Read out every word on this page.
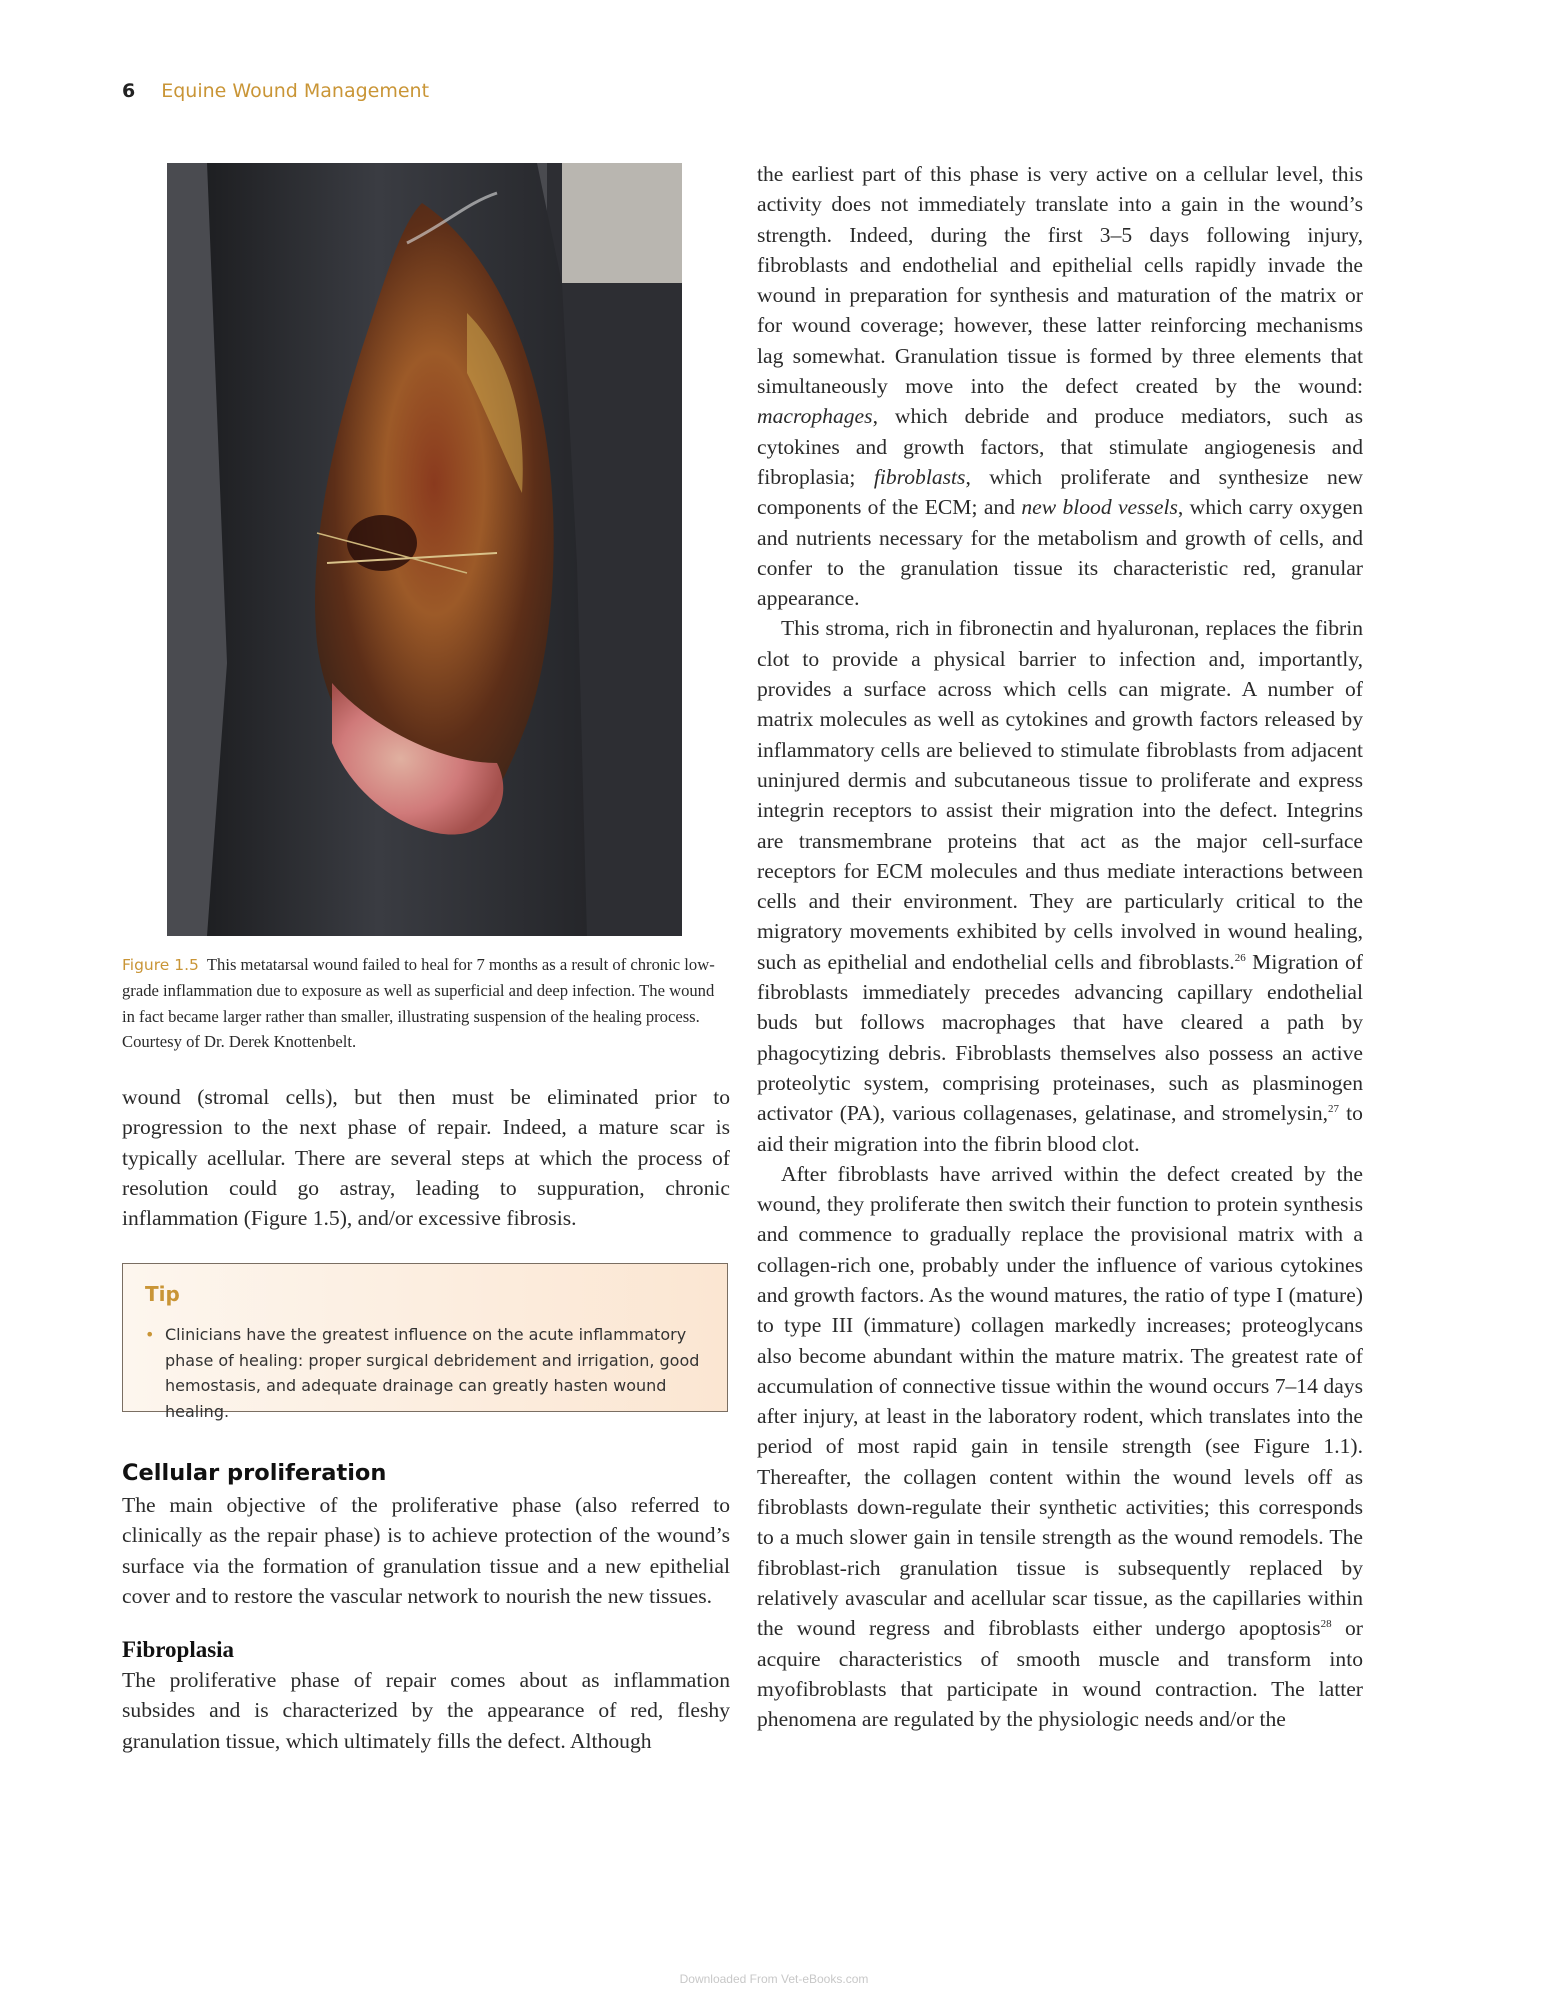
6 Equine Wound Management
Figure 1.5 This metatarsal wound failed to heal for 7 months as a result of chronic low-grade inflammation due to exposure as well as superficial and deep infection. The wound in fact became larger rather than smaller, illustrating suspension of the healing process. Courtesy of Dr. Derek Knottenbelt.

wound (stromal cells), but then must be eliminated prior to progression to the next phase of repair. Indeed, a mature scar is typically acellular. There are several steps at which the process of resolution could go astray, leading to suppuration, chronic inflammation (Figure 1.5), and/or excessive fibrosis.

Tip

• Clinicians have the greatest influence on the acute inflammatory phase of healing: proper surgical debridement and irrigation, good hemostasis, and adequate drainage can greatly hasten wound healing.
Cellular proliferation

The main objective of the proliferative phase (also referred to clinically as the repair phase) is to achieve protection of the wound’s surface via the formation of granulation tissue and a new epithelial cover and to restore the vascular network to nourish the new tissues.

Fibroplasia

The proliferative phase of repair comes about as inflammation subsides and is characterized by the appearance of red, fleshy granulation tissue, which ultimately fills the defect. Although

the earliest part of this phase is very active on a cellular level, this activity does not immediately translate into a gain in the wound’s strength. Indeed, during the first 3–5 days following injury, fibroblasts and endothelial and epithelial cells rapidly invade the wound in preparation for synthesis and maturation of the matrix or for wound coverage; however, these latter reinforcing mechanisms lag somewhat. Granulation tissue is formed by three elements that simultaneously move into the defect created by the wound: macrophages, which debride and produce mediators, such as cytokines and growth factors, that stimulate angiogenesis and fibroplasia; fibroblasts, which proliferate and synthesize new components of the ECM; and new blood vessels, which carry oxygen and nutrients necessary for the metabolism and growth of cells, and confer to the granulation tissue its characteristic red, granular appearance.

This stroma, rich in fibronectin and hyaluronan, replaces the fibrin clot to provide a physical barrier to infection and, importantly, provides a surface across which cells can migrate. A number of matrix molecules as well as cytokines and growth factors released by inflammatory cells are believed to stimulate fibroblasts from adjacent uninjured dermis and subcutaneous tissue to proliferate and express integrin receptors to assist their migration into the defect. Integrins are transmembrane proteins that act as the major cell-surface receptors for ECM molecules and thus mediate interactions between cells and their environment. They are particularly critical to the migratory movements exhibited by cells involved in wound healing, such as epithelial and endothelial cells and fibroblasts.$^{26}$ Migration of fibroblasts immediately precedes advancing capillary endothelial buds but follows macrophages that have cleared a path by phagocytizing debris. Fibroblasts themselves also possess an active proteolytic system, comprising proteinases, such as plasminogen activator (PA), various collagenases, gelatinase, and stromelysin,$^{27}$ to aid their migration into the fibrin blood clot.

After fibroblasts have arrived within the defect created by the wound, they proliferate then switch their function to protein synthesis and commence to gradually replace the provisional matrix with a collagen-rich one, probably under the influence of various cytokines and growth factors. As the wound matures, the ratio of type I (mature) to type III (immature) collagen markedly increases; proteoglycans also become abundant within the mature matrix. The greatest rate of accumulation of connective tissue within the wound occurs 7–14 days after injury, at least in the laboratory rodent, which translates into the period of most rapid gain in tensile strength (see Figure 1.1). Thereafter, the collagen content within the wound levels off as fibroblasts down-regulate their synthetic activities; this corresponds to a much slower gain in tensile strength as the wound remodels. The fibroblast-rich granulation tissue is subsequently replaced by relatively avascular and acellular scar tissue, as the capillaries within the wound regress and fibroblasts either undergo apoptosis$^{28}$ or acquire characteristics of smooth muscle and transform into myofibroblasts that participate in wound contraction. The latter phenomena are regulated by the physiologic needs and/or the

Downloaded From Vet-eBooks.com
